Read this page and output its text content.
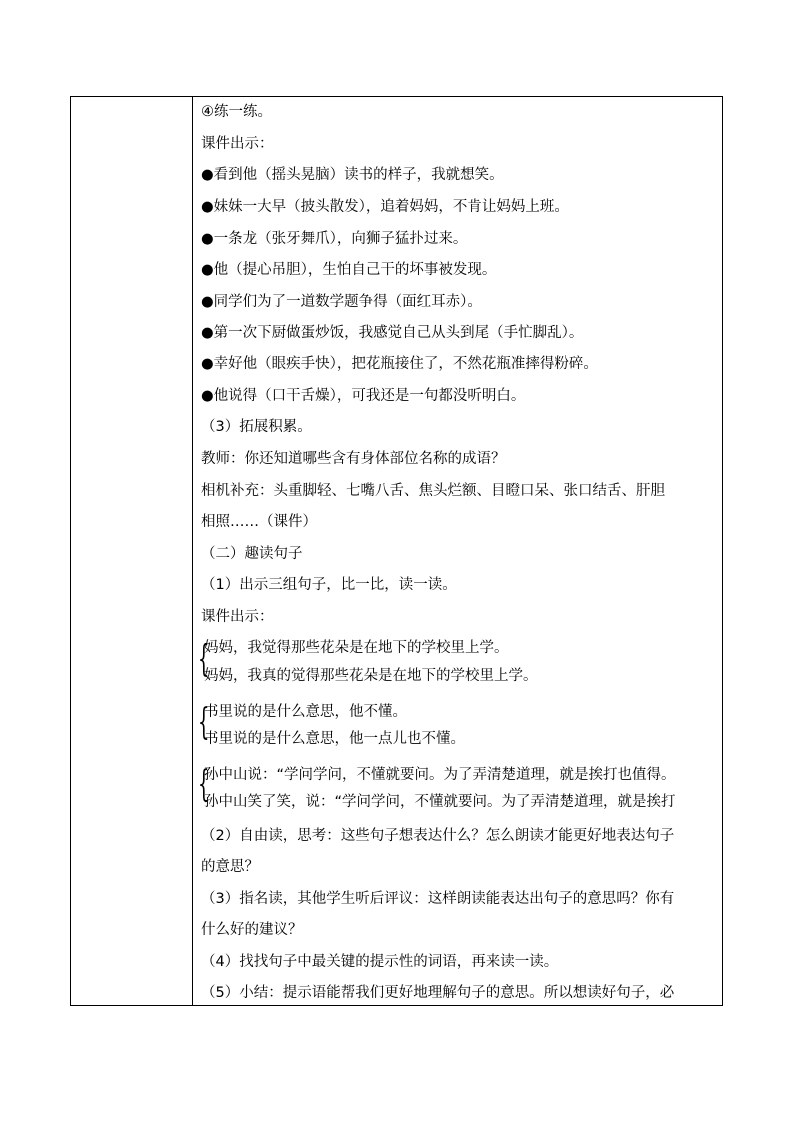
④练一练。
课件出示：
●看到他（摇头晃脑）读书的样子，我就想笑。
●妹妹一大早（披头散发），追着妈妈，不肯让妈妈上班。
●一条龙（张牙舞爪），向狮子猛扑过来。
●他（提心吊胆），生怕自己干的坏事被发现。
●同学们为了一道数学题争得（面红耳赤）。
●第一次下厨做蛋炒饭，我感觉自己从头到尾（手忙脚乱）。
●幸好他（眼疾手快），把花瓶接住了，不然花瓶准摔得粉碎。
●他说得（口干舌燥），可我还是一句都没听明白。
（3）拓展积累。
教师：你还知道哪些含有身体部位名称的成语？
相机补充：头重脚轻、七嘴八舌、焦头烂额、目瞪口呆、张口结舌、肝胆
相照……（课件）
（二）趣读句子
（1）出示三组句子，比一比，读一读。
课件出示：
{
妈妈，我觉得那些花朵是在地下的学校里上学。
妈妈，我真的觉得那些花朵是在地下的学校里上学。
{
书里说的是什么意思，他不懂。
书里说的是什么意思，他一点儿也不懂。
{
孙中山说：“学问学问，不懂就要问。为了弄清楚道理，就是挨打也值得。
孙中山笑了笑，说：“学问学问，不懂就要问。为了弄清楚道理，就是挨打
（2）自由读，思考：这些句子想表达什么？怎么朗读才能更好地表达句子
的意思？
（3）指名读，其他学生听后评议：这样朗读能表达出句子的意思吗？你有
什么好的建议？
（4）找找句子中最关键的提示性的词语，再来读一读。
（5）小结：提示语能帮我们更好地理解句子的意思。所以想读好句子，必
